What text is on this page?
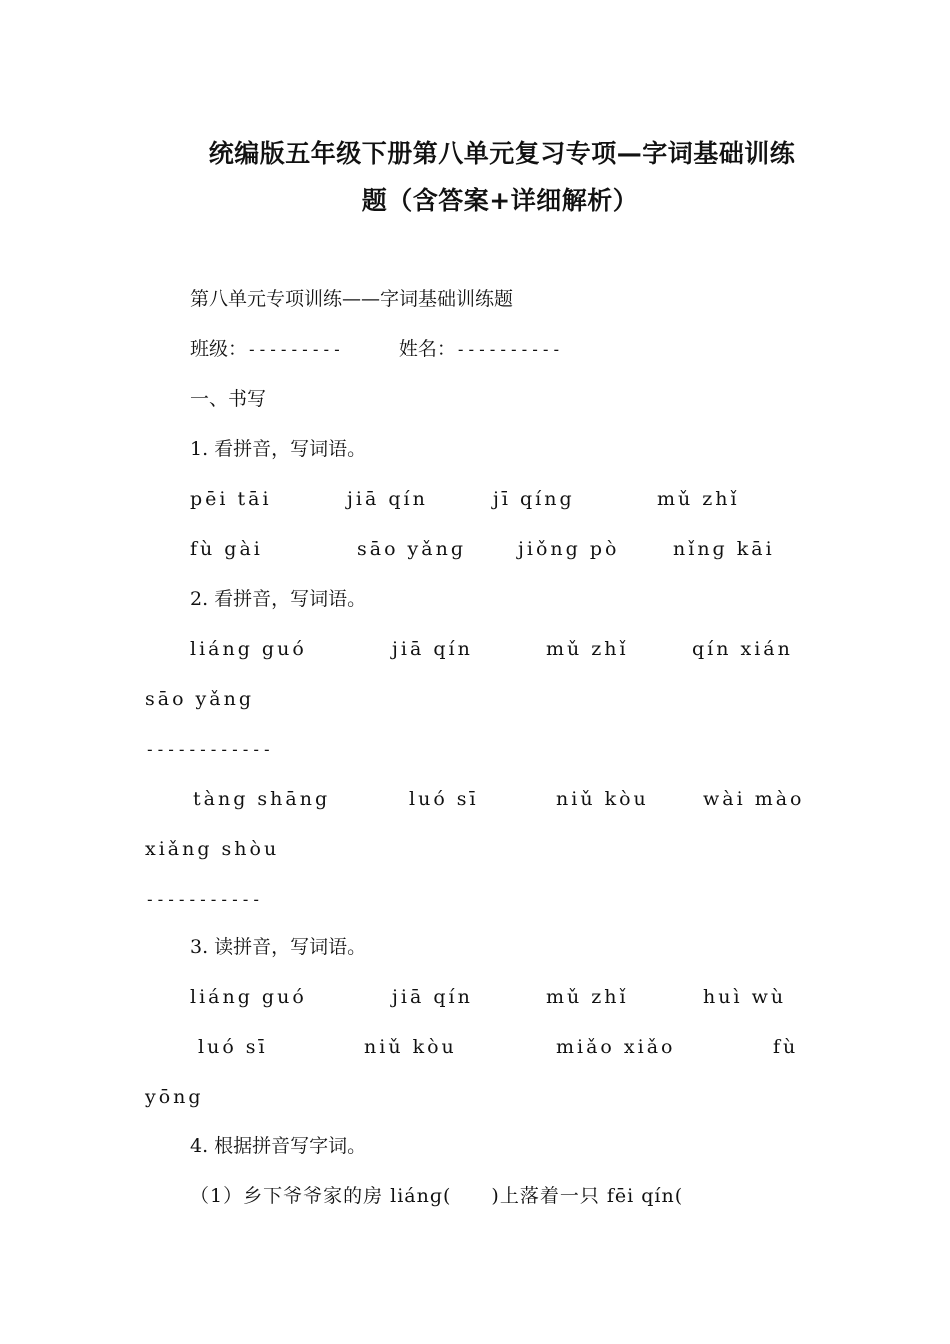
统编版五年级下册第八单元复习专项—字词基础训练
题（含答案+详细解析）
第八单元专项训练——字词基础训练题
班级：---------	姓名：----------
一、书写
1. 看拼音，写词语。
pēi tāi	jiā qín	jī qíng	mǔ zhǐ
fù gài	sāo yǎnɡ	jiǒng pò	nǐnɡ kāi
2. 看拼音，写词语。
liáng guó	jiā qín	mǔ zhǐ	qín xián
sāo yǎng
------------
tàng shāng	luó sī	niǔ kòu	wài mào
xiǎng shòu
-----------
3. 读拼音，写词语。
liáng guó	jiā qín	mǔ zhǐ	huì wù
luó sī	niǔ kòu	miǎo xiǎo	fù
yōng
4. 根据拼音写字词。
（1）乡下爷爷家的房 liánɡ(　　)上落着一只 fēi qín(
